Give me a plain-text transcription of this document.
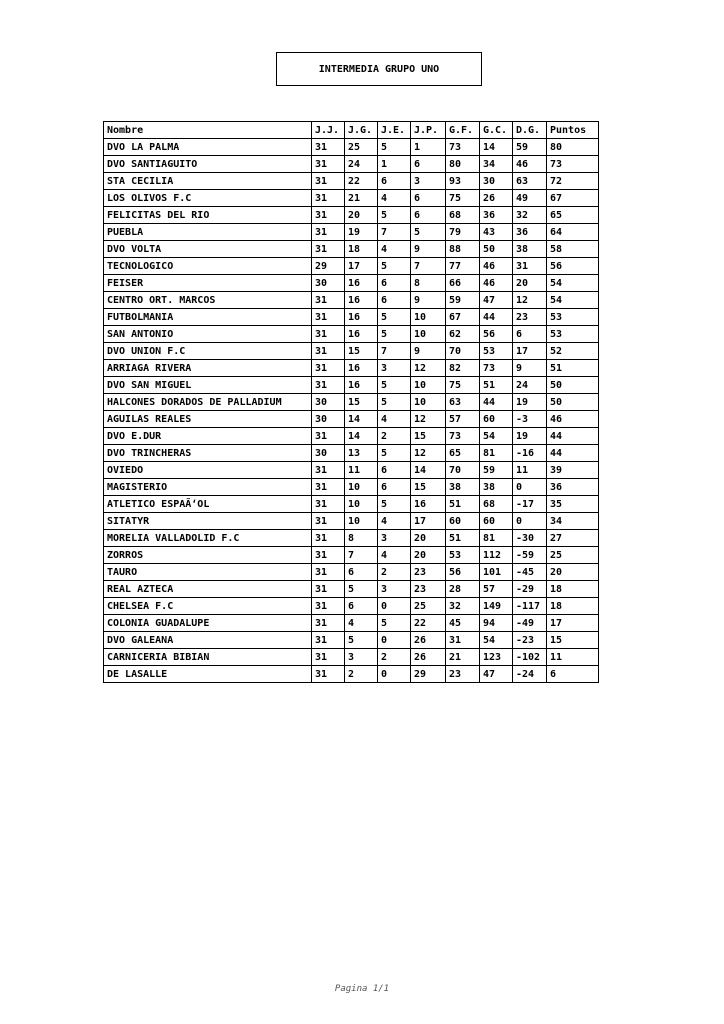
INTERMEDIA GRUPO UNO
Nombre	J.J.	J.G.	J.E.	J.P.	G.F.	G.C.	D.G.	Puntos
DVO LA PALMA	31	25	5	1	73	14	59	80
DVO SANTIAGUITO	31	24	1	6	80	34	46	73
STA CECILIA	31	22	6	3	93	30	63	72
LOS OLIVOS F.C	31	21	4	6	75	26	49	67
FELICITAS DEL RIO	31	20	5	6	68	36	32	65
PUEBLA	31	19	7	5	79	43	36	64
DVO VOLTA	31	18	4	9	88	50	38	58
TECNOLOGICO	29	17	5	7	77	46	31	56
FEISER	30	16	6	8	66	46	20	54
CENTRO ORT. MARCOS	31	16	6	9	59	47	12	54
FUTBOLMANIA	31	16	5	10	67	44	23	53
SAN ANTONIO	31	16	5	10	62	56	6	53
DVO UNION F.C	31	15	7	9	70	53	17	52
ARRIAGA RIVERA	31	16	3	12	82	73	9	51
DVO SAN MIGUEL	31	16	5	10	75	51	24	50
HALCONES DORADOS DE PALLADIUM	30	15	5	10	63	44	19	50
AGUILAS REALES	30	14	4	12	57	60	-3	46
DVO E.DUR	31	14	2	15	73	54	19	44
DVO TRINCHERAS	30	13	5	12	65	81	-16	44
OVIEDO	31	11	6	14	70	59	11	39
MAGISTERIO	31	10	6	15	38	38	0	36
ATLETICO ESPAÃ‘OL	31	10	5	16	51	68	-17	35
SITATYR	31	10	4	17	60	60	0	34
MORELIA VALLADOLID F.C	31	8	3	20	51	81	-30	27
ZORROS	31	7	4	20	53	112	-59	25
TAURO	31	6	2	23	56	101	-45	20
REAL AZTECA	31	5	3	23	28	57	-29	18
CHELSEA F.C	31	6	0	25	32	149	-117	18
COLONIA GUADALUPE	31	4	5	22	45	94	-49	17
DVO GALEANA	31	5	0	26	31	54	-23	15
CARNICERIA BIBIAN	31	3	2	26	21	123	-102	11
DE LASALLE	31	2	0	29	23	47	-24	6
Pagina 1/1
